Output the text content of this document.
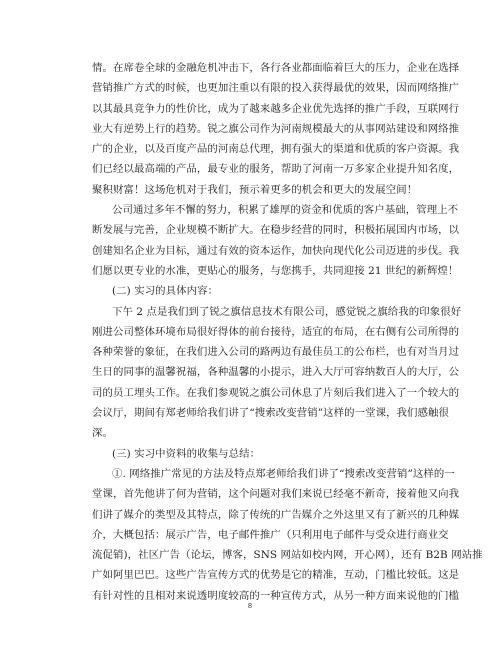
情。在席卷全球的金融危机冲击下，各行各业都面临着巨大的压力，企业在选择
营销推广方式的时候，也更加注重以有限的投入获得最优的效果，因而网络推广
以其最具竞争力的性价比，成为了越来越多企业优先选择的推广手段，互联网行
业大有逆势上行的趋势。锐之旗公司作为河南规模最大的从事网站建设和网络推
广的企业，以及百度产品的河南总代理，拥有强大的渠道和优质的客户资源。我
们已经以最高端的产品，最专业的服务，帮助了河南一万多家企业提升知名度，
聚积财富！这场危机对于我们，预示着更多的机会和更大的发展空间！
公司通过多年不懈的努力，积累了雄厚的资金和优质的客户基础，管理上不
断发展与完善，企业规模不断扩大。在稳步经营的同时，积极拓展国内市场，以
创建知名企业为目标，通过有效的资本运作，加快向现代化公司迈进的步伐。我
们愿以更专业的水准，更贴心的服务，与您携手，共同迎接 21 世纪的新辉煌！
(二) 实习的具体内容：
下午 2 点是我们到了锐之旗信息技术有限公司，感觉锐之旗给我的印象很好
刚进公司整体环境布局很好得体的前台接待，适宜的布局，在右侧有公司所得的
各种荣誉的象征，在我们进入公司的路两边有最佳员工的公布栏，也有对当月过
生日的同事的温馨祝福，各种温馨的小提示，进入大厅可容纳数百人的大厅，公
司的员工埋头工作。在我们参观锐之旗公司休息了片刻后我们进入了一个较大的
会议厅，期间有郑老师给我们讲了“搜索改变营销”这样的一堂课，我们感触很
深。
(三) 实习中资料的收集与总结：
①. 网络推广常见的方法及特点郑老师给我们讲了“搜索改变营销”这样的一
堂课，首先他讲了何为营销，这个问题对我们来说已经毫不新奇，接着他又向我
们讲了媒介的类型及其特点，除了传统的广告媒介之外这里又有了新兴的几种媒
介，大概包括：展示广告，电子邮件推广（只利用电子邮件与受众进行商业交
流促销)，社区广告（论坛，博客，SNS 网站如校内网，开心网），还有 B2B 网站推
广如阿里巴巴。这些广告宣传方式的优势是它的精准，互动，门槛比较低。这是
有针对性的且相对来说透明度较高的一种宣传方式，从另一种方面来说他的门槛
8
